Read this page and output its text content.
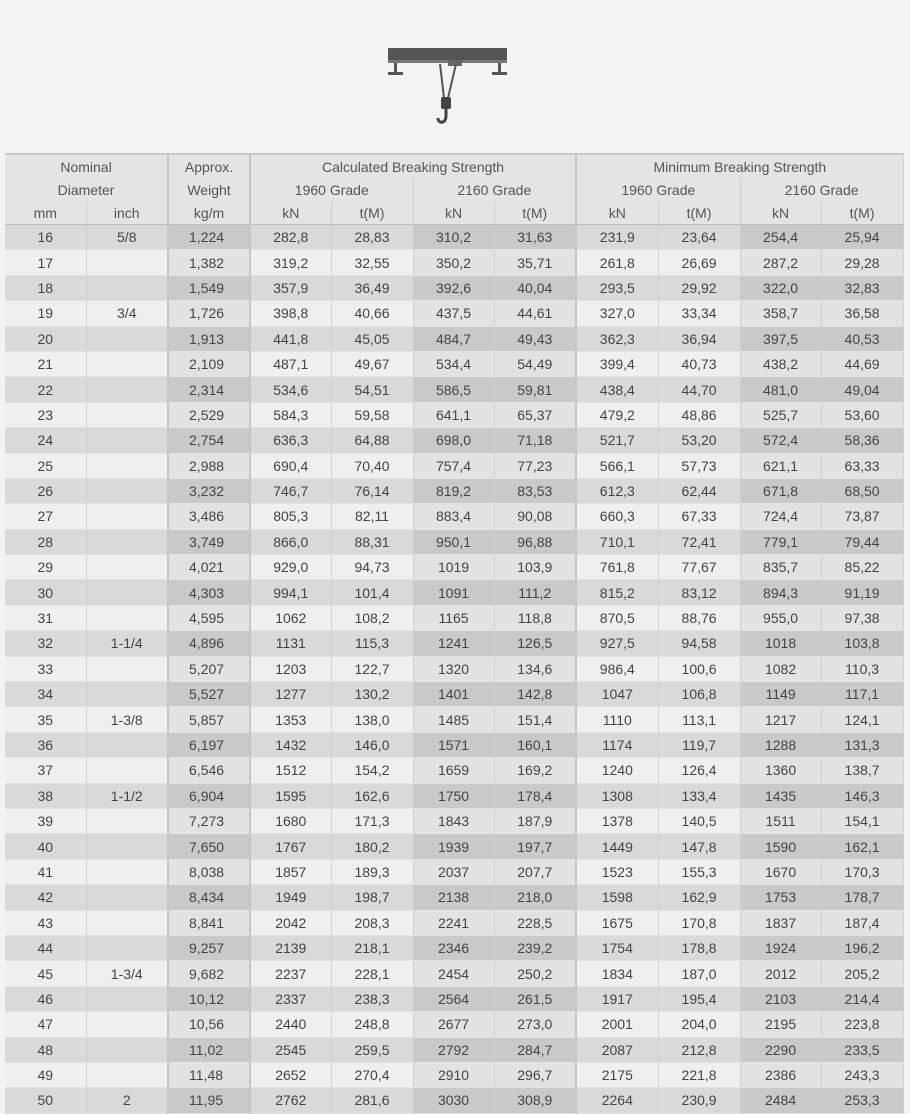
Nominal		Approx.	Calculated Breaking Strength				Minimum Breaking Strength			
Diameter		Weight	1960 Grade		2160 Grade		1960 Grade		2160 Grade	
mm	inch	kg/m	kN	t(M)	kN	t(M)	kN	t(M)	kN	t(M)
16	5/8	1,224	282,8	28,83	310,2	31,63	231,9	23,64	254,4	25,94
17		1,382	319,2	32,55	350,2	35,71	261,8	26,69	287,2	29,28
18		1,549	357,9	36,49	392,6	40,04	293,5	29,92	322,0	32,83
19	3/4	1,726	398,8	40,66	437,5	44,61	327,0	33,34	358,7	36,58
20		1,913	441,8	45,05	484,7	49,43	362,3	36,94	397,5	40,53
21		2,109	487,1	49,67	534,4	54,49	399,4	40,73	438,2	44,69
22		2,314	534,6	54,51	586,5	59,81	438,4	44,70	481,0	49,04
23		2,529	584,3	59,58	641,1	65,37	479,2	48,86	525,7	53,60
24		2,754	636,3	64,88	698,0	71,18	521,7	53,20	572,4	58,36
25		2,988	690,4	70,40	757,4	77,23	566,1	57,73	621,1	63,33
26		3,232	746,7	76,14	819,2	83,53	612,3	62,44	671,8	68,50
27		3,486	805,3	82,11	883,4	90,08	660,3	67,33	724,4	73,87
28		3,749	866,0	88,31	950,1	96,88	710,1	72,41	779,1	79,44
29		4,021	929,0	94,73	1019	103,9	761,8	77,67	835,7	85,22
30		4,303	994,1	101,4	1091	111,2	815,2	83,12	894,3	91,19
31		4,595	1062	108,2	1165	118,8	870,5	88,76	955,0	97,38
32	1-1/4	4,896	1131	115,3	1241	126,5	927,5	94,58	1018	103,8
33		5,207	1203	122,7	1320	134,6	986,4	100,6	1082	110,3
34		5,527	1277	130,2	1401	142,8	1047	106,8	1149	117,1
35	1-3/8	5,857	1353	138,0	1485	151,4	1110	113,1	1217	124,1
36		6,197	1432	146,0	1571	160,1	1174	119,7	1288	131,3
37		6,546	1512	154,2	1659	169,2	1240	126,4	1360	138,7
38	1-1/2	6,904	1595	162,6	1750	178,4	1308	133,4	1435	146,3
39		7,273	1680	171,3	1843	187,9	1378	140,5	1511	154,1
40		7,650	1767	180,2	1939	197,7	1449	147,8	1590	162,1
41		8,038	1857	189,3	2037	207,7	1523	155,3	1670	170,3
42		8,434	1949	198,7	2138	218,0	1598	162,9	1753	178,7
43		8,841	2042	208,3	2241	228,5	1675	170,8	1837	187,4
44		9,257	2139	218,1	2346	239,2	1754	178,8	1924	196,2
45	1-3/4	9,682	2237	228,1	2454	250,2	1834	187,0	2012	205,2
46		10,12	2337	238,3	2564	261,5	1917	195,4	2103	214,4
47		10,56	2440	248,8	2677	273,0	2001	204,0	2195	223,8
48		11,02	2545	259,5	2792	284,7	2087	212,8	2290	233,5
49		11,48	2652	270,4	2910	296,7	2175	221,8	2386	243,3
50	2	11,95	2762	281,6	3030	308,9	2264	230,9	2484	253,3
